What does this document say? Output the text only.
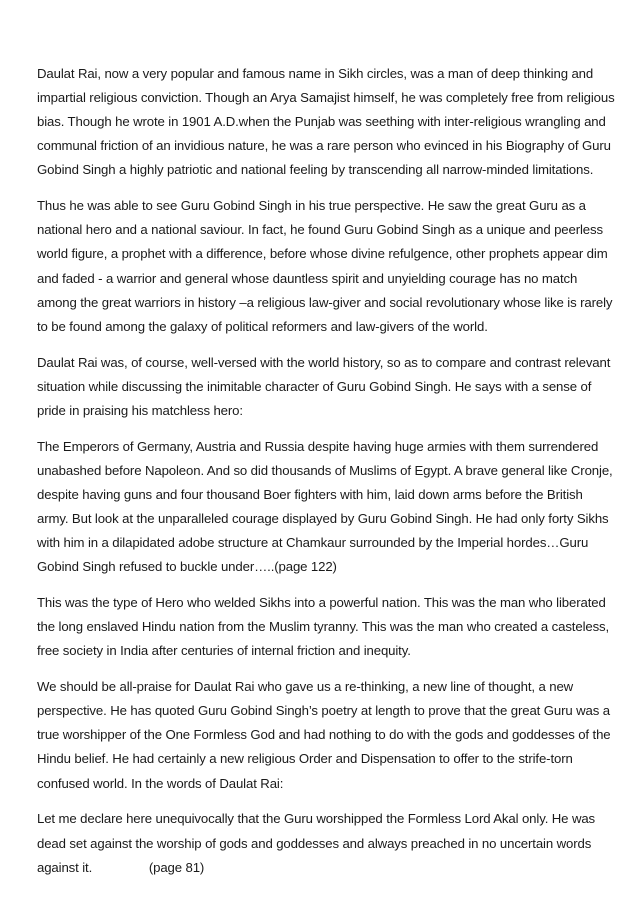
Daulat Rai, now a very popular and famous name in Sikh circles, was a man of deep thinking and
impartial religious conviction. Though an Arya Samajist himself, he was completely free from religious
bias. Though he wrote in 1901 A.D.when the Punjab was seething with inter-religious wrangling and
communal friction of an invidious nature, he was a rare person who evinced in his Biography of Guru
Gobind Singh a highly patriotic and national feeling by transcending all narrow-minded limitations.

Thus he was able to see Guru Gobind Singh in his true perspective. He saw the great Guru as a
national hero and a national saviour. In fact, he found Guru Gobind Singh as a unique and peerless
world figure, a prophet with a difference, before whose divine refulgence, other prophets appear dim
and faded - a warrior and general whose dauntless spirit and unyielding courage has no match
among the great warriors in history –a religious law-giver and social revolutionary whose like is rarely
to be found among the galaxy of political reformers and law-givers of the world.

Daulat Rai was, of course, well-versed with the world history, so as to compare and contrast relevant
situation while discussing the inimitable character of Guru Gobind Singh. He says with a sense of
pride in praising his matchless hero:

The Emperors of Germany, Austria and Russia despite having huge armies with them surrendered
unabashed before Napoleon. And so did thousands of Muslims of Egypt. A brave general like Cronje,
despite having guns and four thousand Boer fighters with him, laid down arms before the British
army. But look at the unparalleled courage displayed by Guru Gobind Singh. He had only forty Sikhs
with him in a dilapidated adobe structure at Chamkaur surrounded by the Imperial hordes…Guru
Gobind Singh refused to buckle under…..(page 122)

This was the type of Hero who welded Sikhs into a powerful nation. This was the man who liberated
the long enslaved Hindu nation from the Muslim tyranny. This was the man who created a casteless,
free society in India after centuries of internal friction and inequity.

We should be all-praise for Daulat Rai who gave us a re-thinking, a new line of thought, a new
perspective. He has quoted Guru Gobind Singh’s poetry at length to prove that the great Guru was a
true worshipper of the One Formless God and had nothing to do with the gods and goddesses of the
Hindu belief. He had certainly a new religious Order and Dispensation to offer to the strife-torn
confused world. In the words of Daulat Rai:

Let me declare here unequivocally that the Guru worshipped the Formless Lord Akal only. He was
dead set against the worship of gods and goddesses and always preached in no uncertain words
against it.                (page 81)
